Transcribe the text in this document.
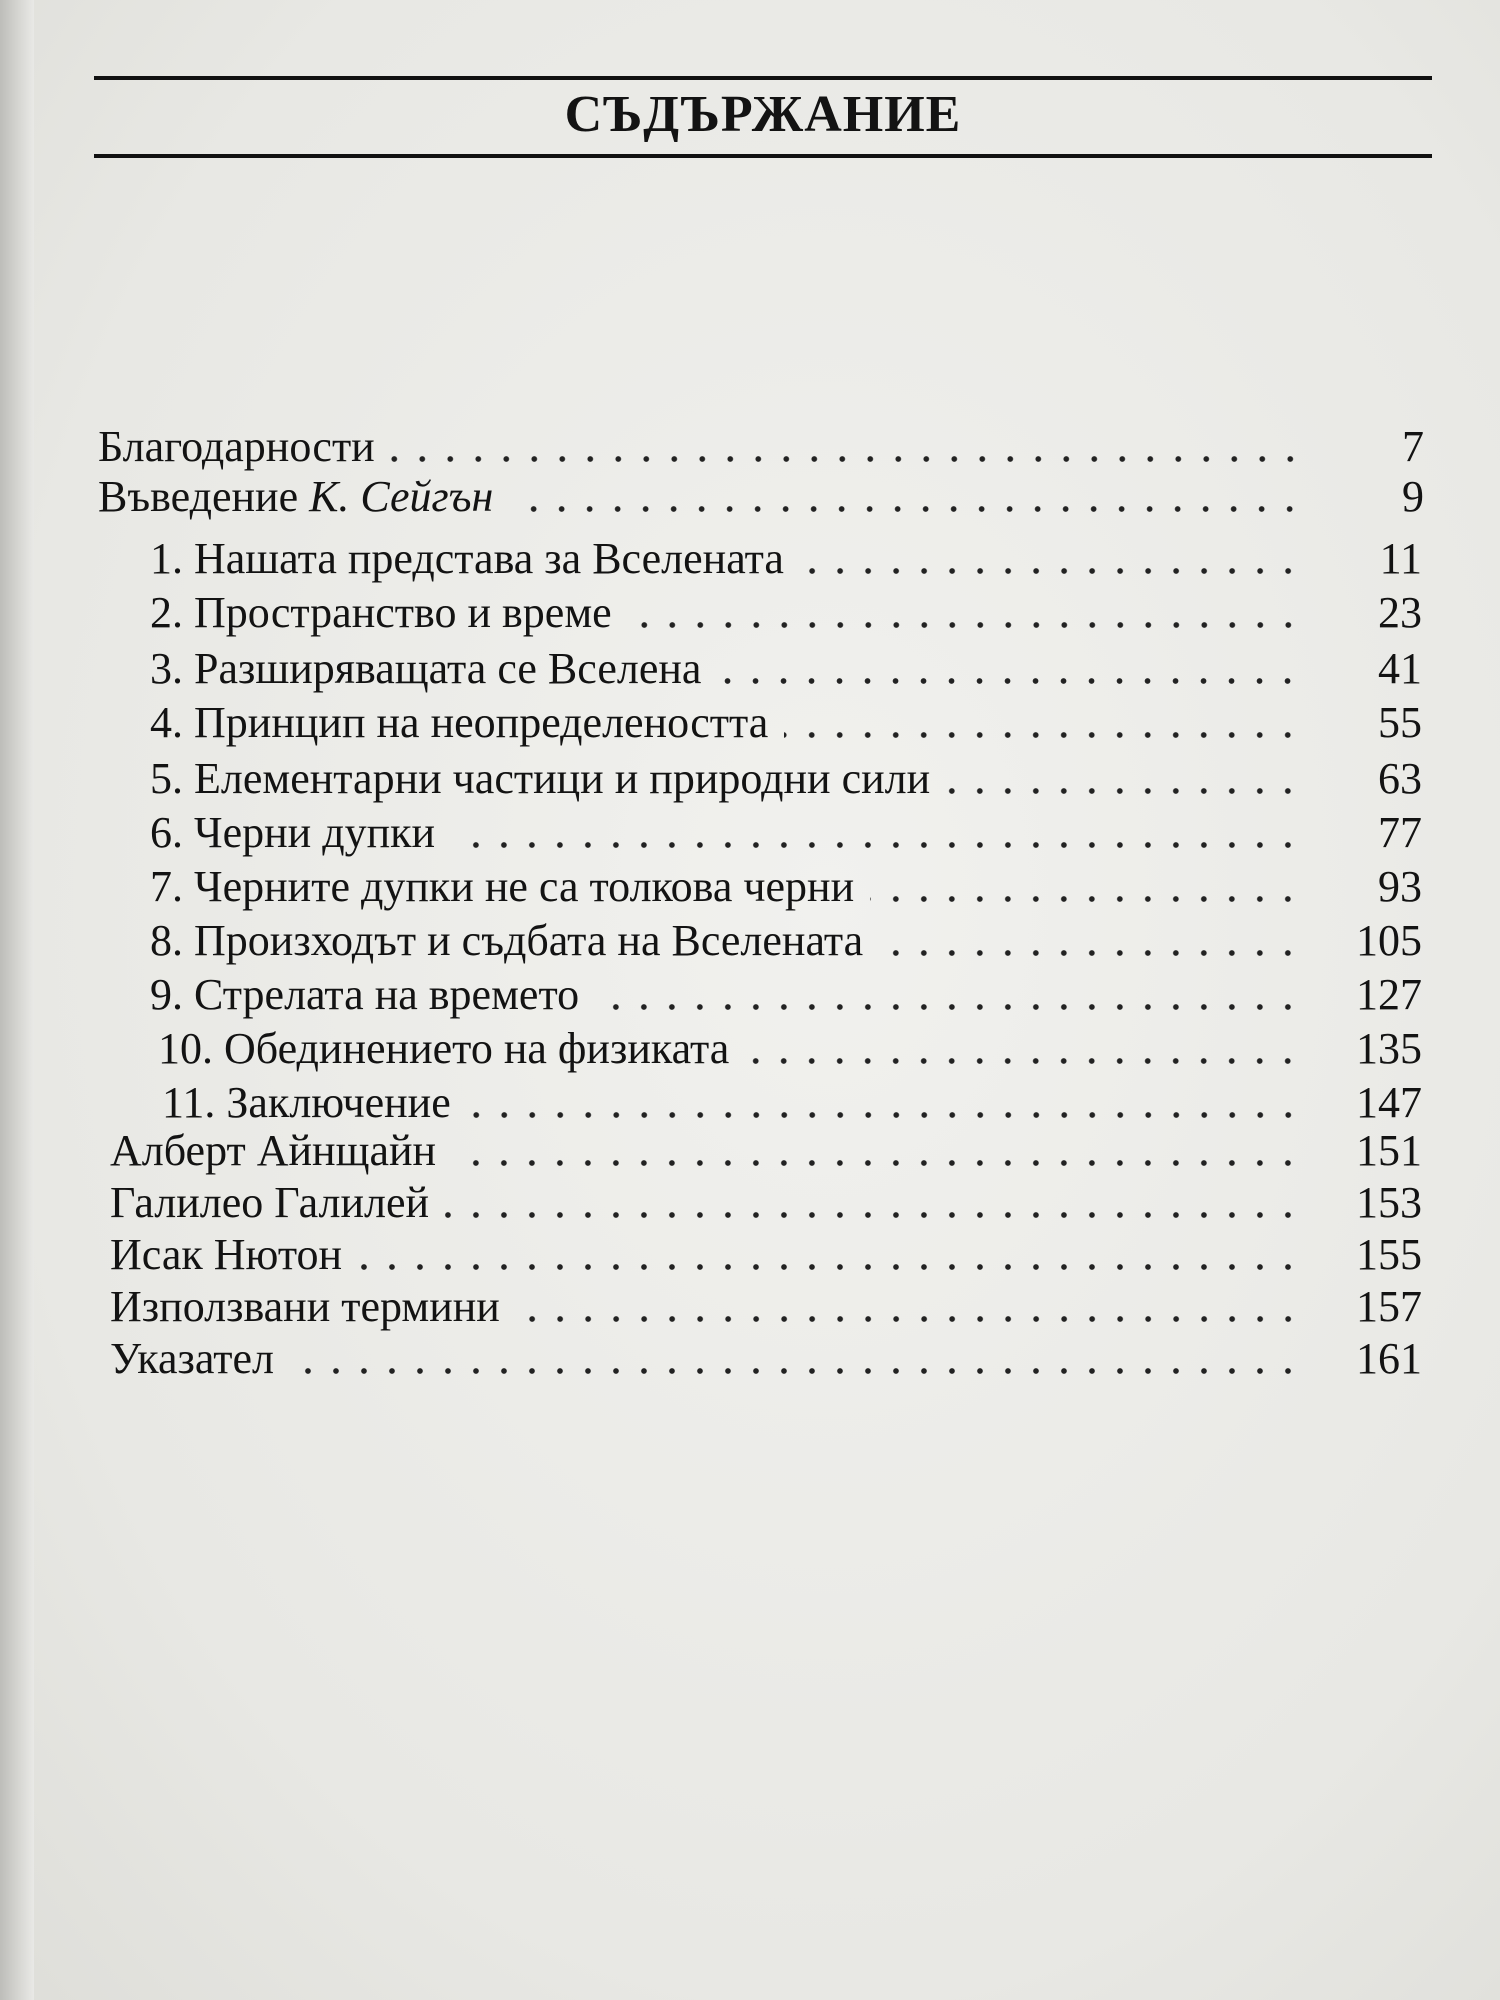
СЪДЪРЖАНИЕ
Благодарности	7
Въведение К. Сейгън	9
1. Нашата представа за Вселената	11
2. Пространство и време	23
3. Разширяващата се Вселена	41
4. Принцип на неопределеността	55
5. Елементарни частици и природни сили	63
6. Черни дупки	77
7. Черните дупки не са толкова черни	93
8. Произходът и съдбата на Вселената	105
9. Стрелата на времето	127
10. Обединението на физиката	135
11. Заключение	147
Алберт Айнщайн	151
Галилео Галилей	153
Исак Нютон	155
Използвани термини	157
Указател	161
